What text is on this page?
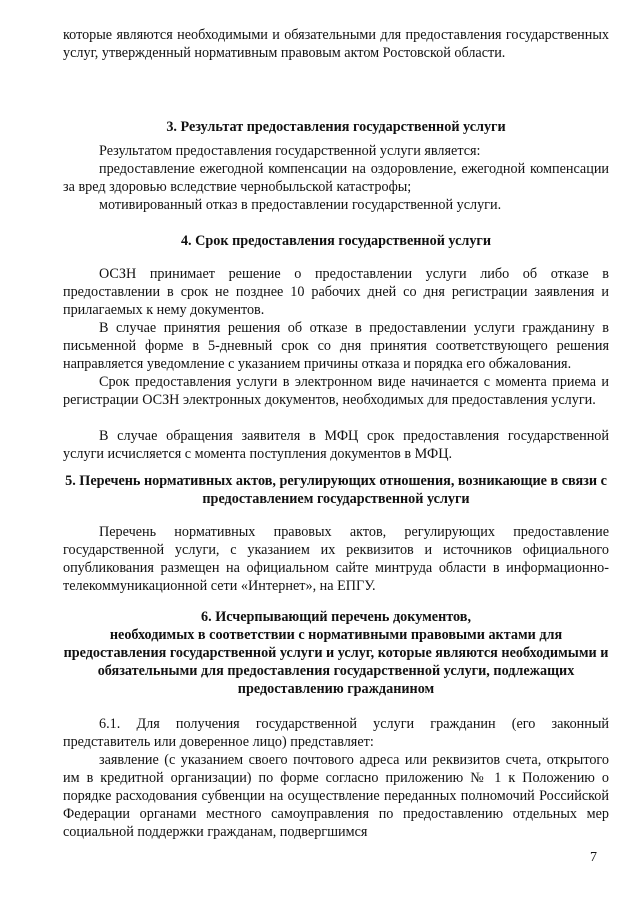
которые являются необходимыми и обязательными для предоставления государственных услуг, утвержденный нормативным правовым актом Ростовской области.

3. Результат предоставления государственной услуги

Результатом предоставления государственной услуги является:

предоставление ежегодной компенсации на оздоровление, ежегодной компенсации за вред здоровью вследствие чернобыльской катастрофы;

мотивированный отказ в предоставлении государственной услуги.

4. Срок предоставления государственной услуги

ОСЗН принимает решение о предоставлении услуги либо об отказе в предоставлении в срок не позднее 10 рабочих дней со дня регистрации заявления и прилагаемых к нему документов.

В случае принятия решения об отказе в предоставлении услуги гражданину в письменной форме в 5-дневный срок со дня принятия соответствующего решения направляется уведомление с указанием причины отказа и порядка его обжалования.

Срок предоставления услуги в электронном виде начинается с момента приема и регистрации ОСЗН электронных документов, необходимых для предоставления услуги.

В случае обращения заявителя в МФЦ срок предоставления государственной услуги исчисляется с момента поступления документов в МФЦ.

5. Перечень нормативных актов, регулирующих отношения, возникающие в связи с предоставлением государственной услуги

Перечень нормативных правовых актов, регулирующих предоставление государственной услуги, с указанием их реквизитов и источников официального опубликования размещен на официальном сайте минтруда области в информационно-телекоммуникационной сети «Интернет», на ЕПГУ.

6. Исчерпывающий перечень документов,

необходимых в соответствии с нормативными правовыми актами для предоставления государственной услуги и услуг, которые являются необходимыми и обязательными для предоставления государственной услуги, подлежащих предоставлению гражданином

6.1. Для получения государственной услуги гражданин (его законный представитель или доверенное лицо) представляет:

заявление (с указанием своего почтового адреса или реквизитов счета, открытого им в кредитной организации) по форме согласно приложению № 1 к Положению о порядке расходования субвенции на осуществление переданных полномочий Российской Федерации органами местного самоуправления по предоставлению отдельных мер социальной поддержки гражданам, подвергшимся

7
